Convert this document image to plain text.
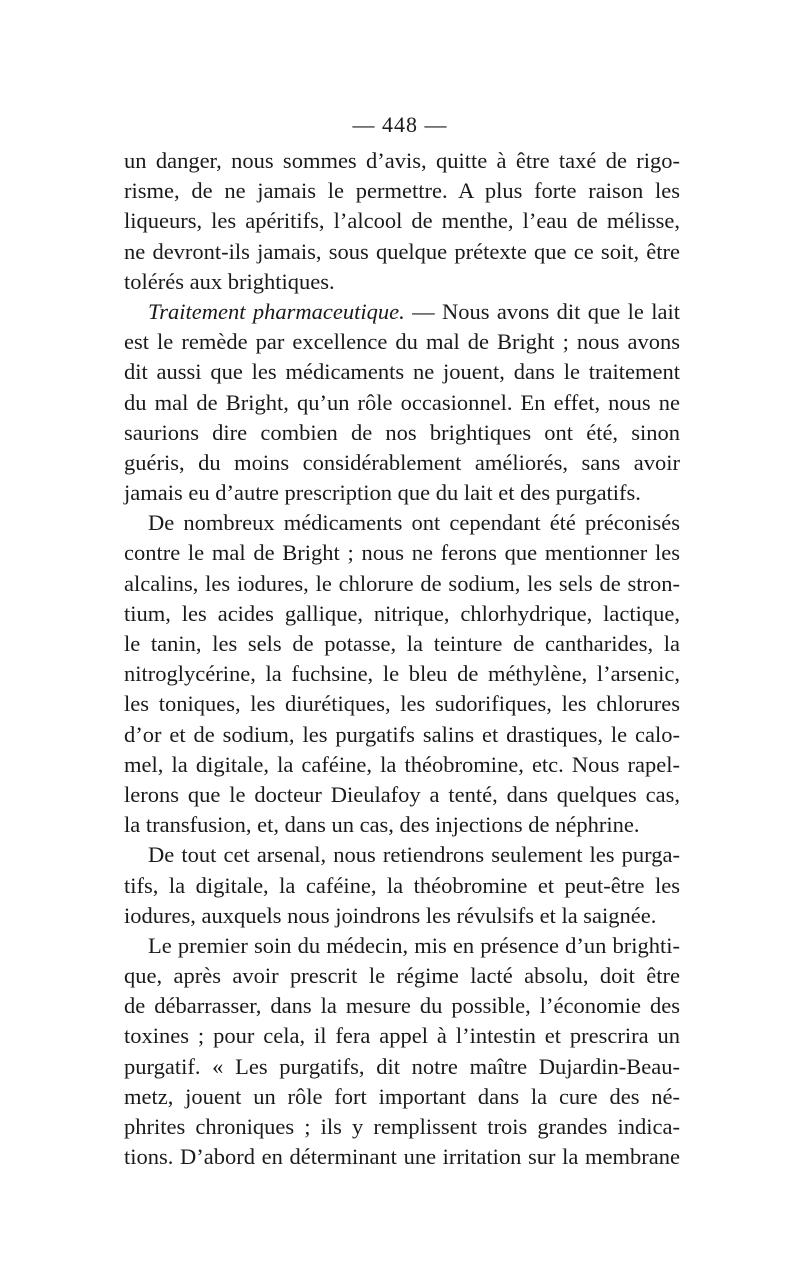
— 448 —
un danger, nous sommes d’avis, quitte à être taxé de rigo-
risme, de ne jamais le permettre. A plus forte raison les
liqueurs, les apéritifs, l’alcool de menthe, l’eau de mélisse,
ne devront-ils jamais, sous quelque prétexte que ce soit, être
tolérés aux brightiques.
Traitement pharmaceutique. — Nous avons dit que le lait
est le remède par excellence du mal de Bright ; nous avons
dit aussi que les médicaments ne jouent, dans le traitement
du mal de Bright, qu’un rôle occasionnel. En effet, nous ne
saurions dire combien de nos brightiques ont été, sinon
guéris, du moins considérablement améliorés, sans avoir
jamais eu d’autre prescription que du lait et des purgatifs.
De nombreux médicaments ont cependant été préconisés
contre le mal de Bright ; nous ne ferons que mentionner les
alcalins, les iodures, le chlorure de sodium, les sels de stron-
tium, les acides gallique, nitrique, chlorhydrique, lactique,
le tanin, les sels de potasse, la teinture de cantharides, la
nitroglycérine, la fuchsine, le bleu de méthylène, l’arsenic,
les toniques, les diurétiques, les sudorifiques, les chlorures
d’or et de sodium, les purgatifs salins et drastiques, le calo-
mel, la digitale, la caféine, la théobromine, etc. Nous rapel-
lerons que le docteur Dieulafoy a tenté, dans quelques cas,
la transfusion, et, dans un cas, des injections de néphrine.
De tout cet arsenal, nous retiendrons seulement les purga-
tifs, la digitale, la caféine, la théobromine et peut-être les
iodures, auxquels nous joindrons les révulsifs et la saignée.
Le premier soin du médecin, mis en présence d’un brighti-
que, après avoir prescrit le régime lacté absolu, doit être
de débarrasser, dans la mesure du possible, l’économie des
toxines ; pour cela, il fera appel à l’intestin et prescrira un
purgatif. « Les purgatifs, dit notre maître Dujardin-Beau-
metz, jouent un rôle fort important dans la cure des né-
phrites chroniques ; ils y remplissent trois grandes indica-
tions. D’abord en déterminant une irritation sur la membrane
